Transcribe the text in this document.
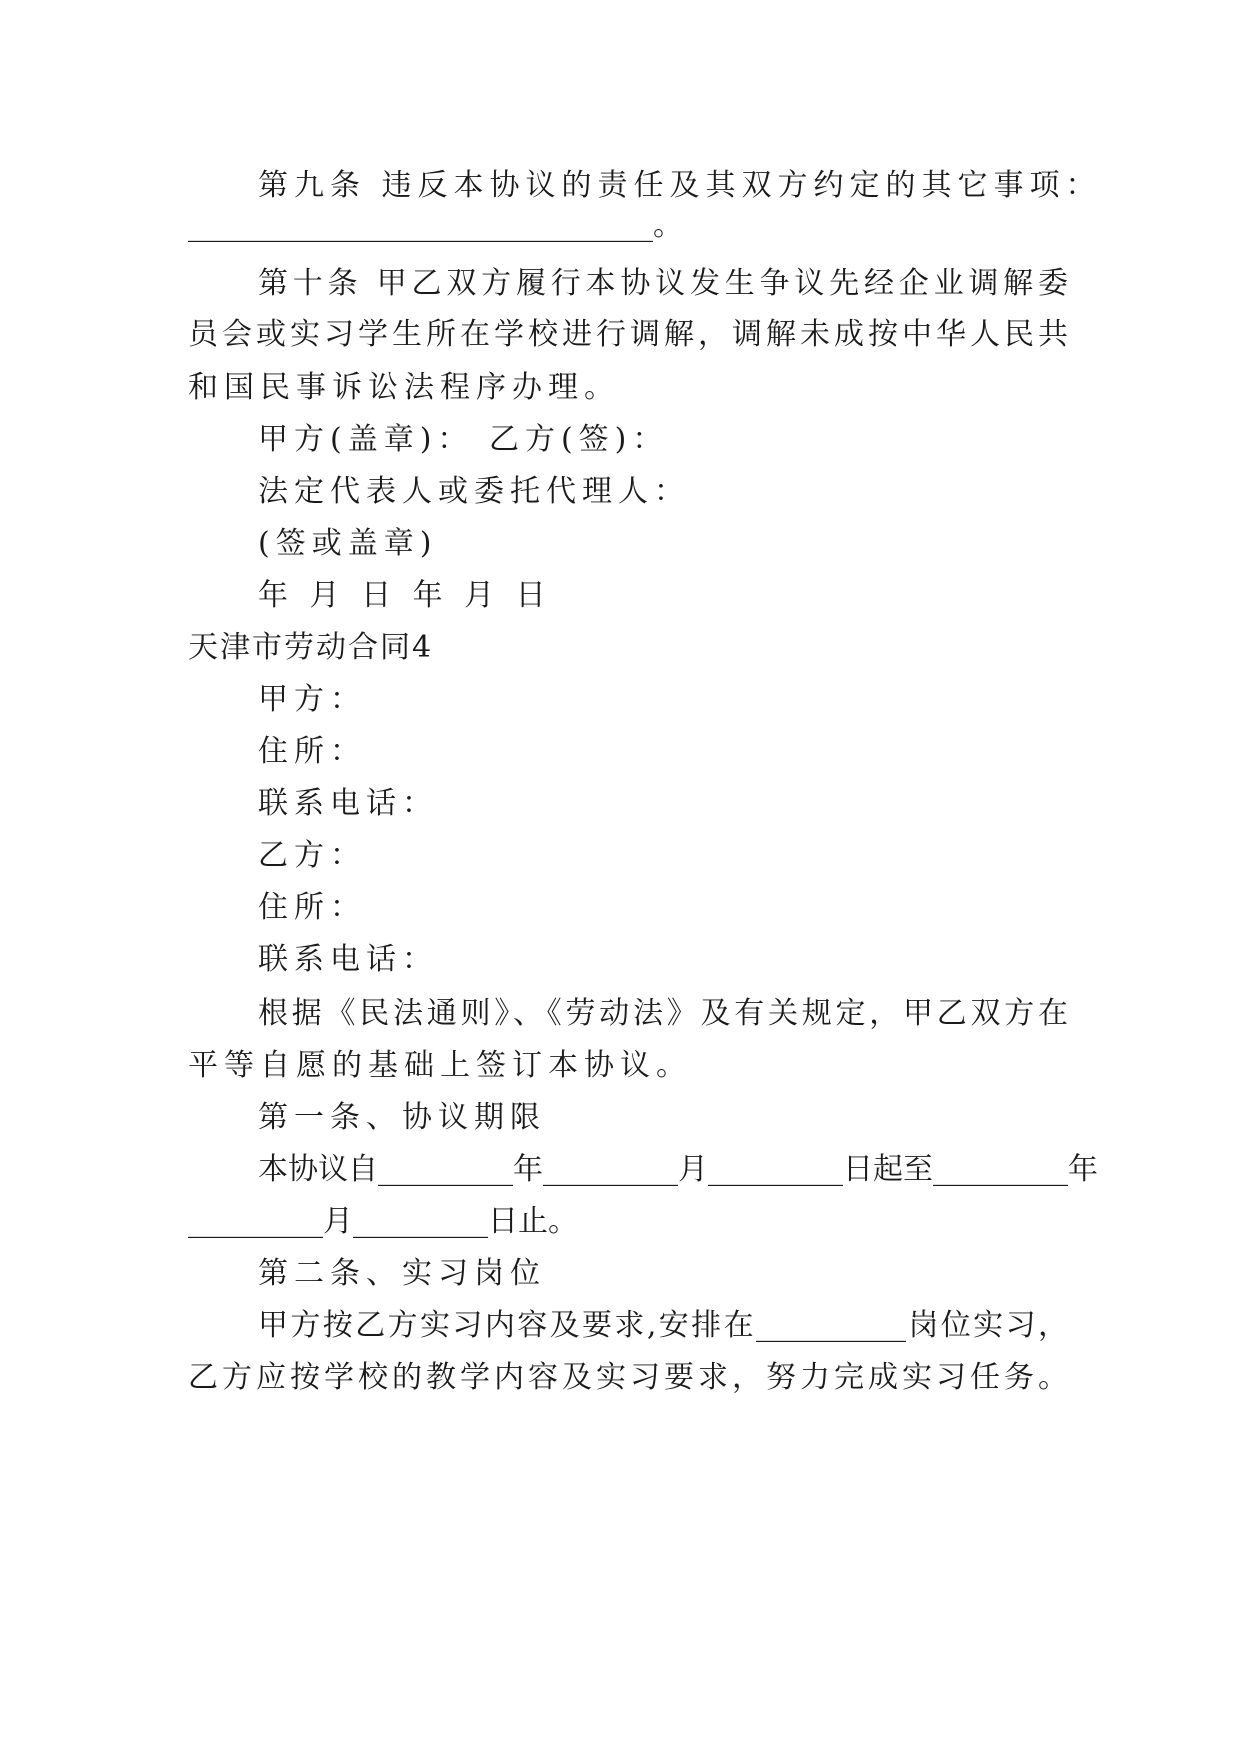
第九条 违反本协议的责任及其双方约定的其它事项：
_______________________________。
第十条 甲乙双方履行本协议发生争议先经企业调解委
员会或实习学生所在学校进行调解，调解未成按中华人民共
和国民事诉讼法程序办理。
甲方(盖章)： 乙方(签)：
法定代表人或委托代理人：
(签或盖章)
年 月 日 年 月 日
天津市劳动合同4
甲方：
住所：
联系电话：
乙方：
住所：
联系电话：
根据《民法通则》、《劳动法》及有关规定，甲乙双方在
平等自愿的基础上签订本协议。
第一条、协议期限
本协议自_________年_________月_________日起至_________年
_________月_________日止。
第二条、实习岗位
甲方按乙方实习内容及要求,安排在__________岗位实习，
乙方应按学校的教学内容及实习要求，努力完成实习任务。
